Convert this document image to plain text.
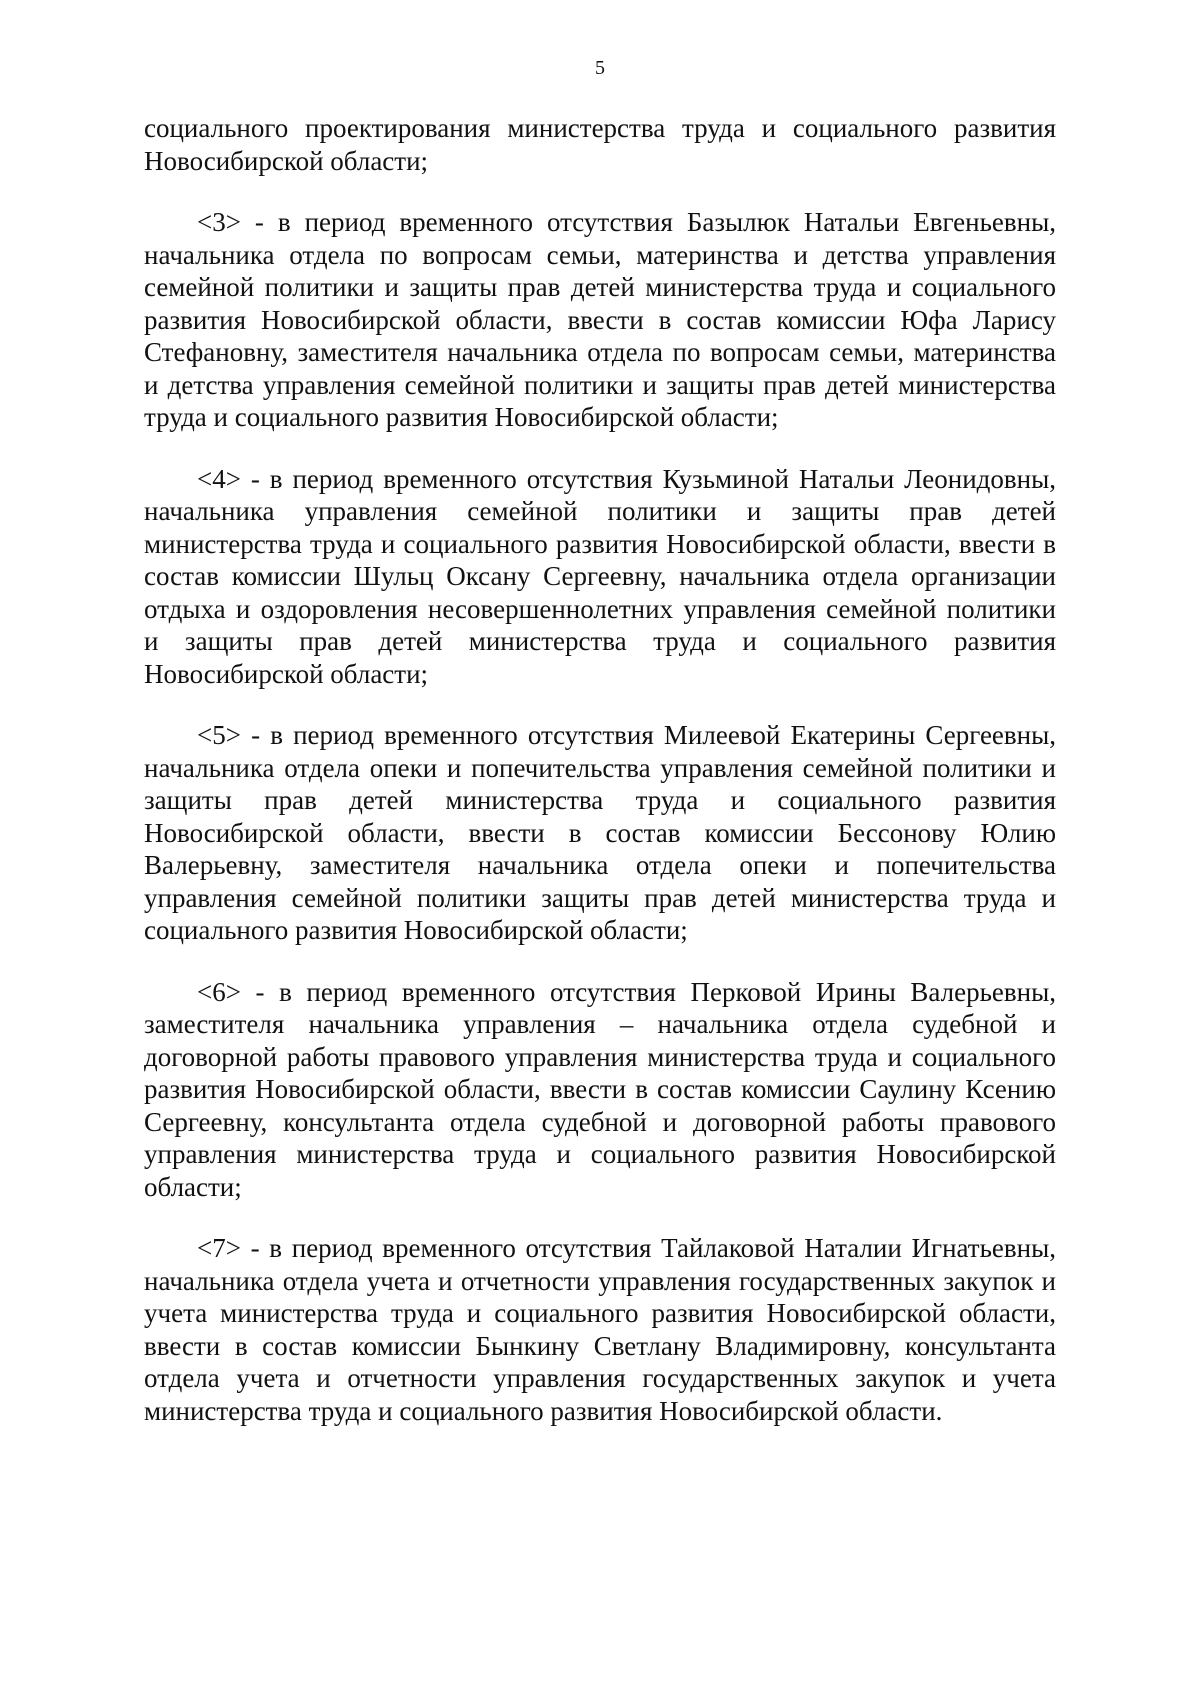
5

социального проектирования министерства труда и социального развития Новосибирской области;

<3> - в период временного отсутствия Базылюк Натальи Евгеньевны, начальника отдела по вопросам семьи, материнства и детства управления семейной политики и защиты прав детей министерства труда и социального развития Новосибирской области, ввести в состав комиссии Юфа Ларису Стефановну, заместителя начальника отдела по вопросам семьи, материнства и детства управления семейной политики и защиты прав детей министерства труда и социального развития Новосибирской области;

<4> - в период временного отсутствия Кузьминой Натальи Леонидовны, начальника управления семейной политики и защиты прав детей министерства труда и социального развития Новосибирской области, ввести в состав комиссии Шульц Оксану Сергеевну, начальника отдела организации отдыха и оздоровления несовершеннолетних управления семейной политики и защиты прав детей министерства труда и социального развития Новосибирской области;

<5> - в период временного отсутствия Милеевой Екатерины Сергеевны, начальника отдела опеки и попечительства управления семейной политики и защиты прав детей министерства труда и социального развития Новосибирской области, ввести в состав комиссии Бессонову Юлию Валерьевну, заместителя начальника отдела опеки и попечительства управления семейной политики защиты прав детей министерства труда и социального развития Новосибирской области;

<6> - в период временного отсутствия Перковой Ирины Валерьевны, заместителя начальника управления – начальника отдела судебной и договорной работы правового управления министерства труда и социального развития Новосибирской области, ввести в состав комиссии Саулину Ксению Сергеевну, консультанта отдела судебной и договорной работы правового управления министерства труда и социального развития Новосибирской области;

<7> - в период временного отсутствия Тайлаковой Наталии Игнатьевны, начальника отдела учета и отчетности управления государственных закупок и учета министерства труда и социального развития Новосибирской области, ввести в состав комиссии Бынкину Светлану Владимировну, консультанта отдела учета и отчетности управления государственных закупок и учета министерства труда и социального развития Новосибирской области.
